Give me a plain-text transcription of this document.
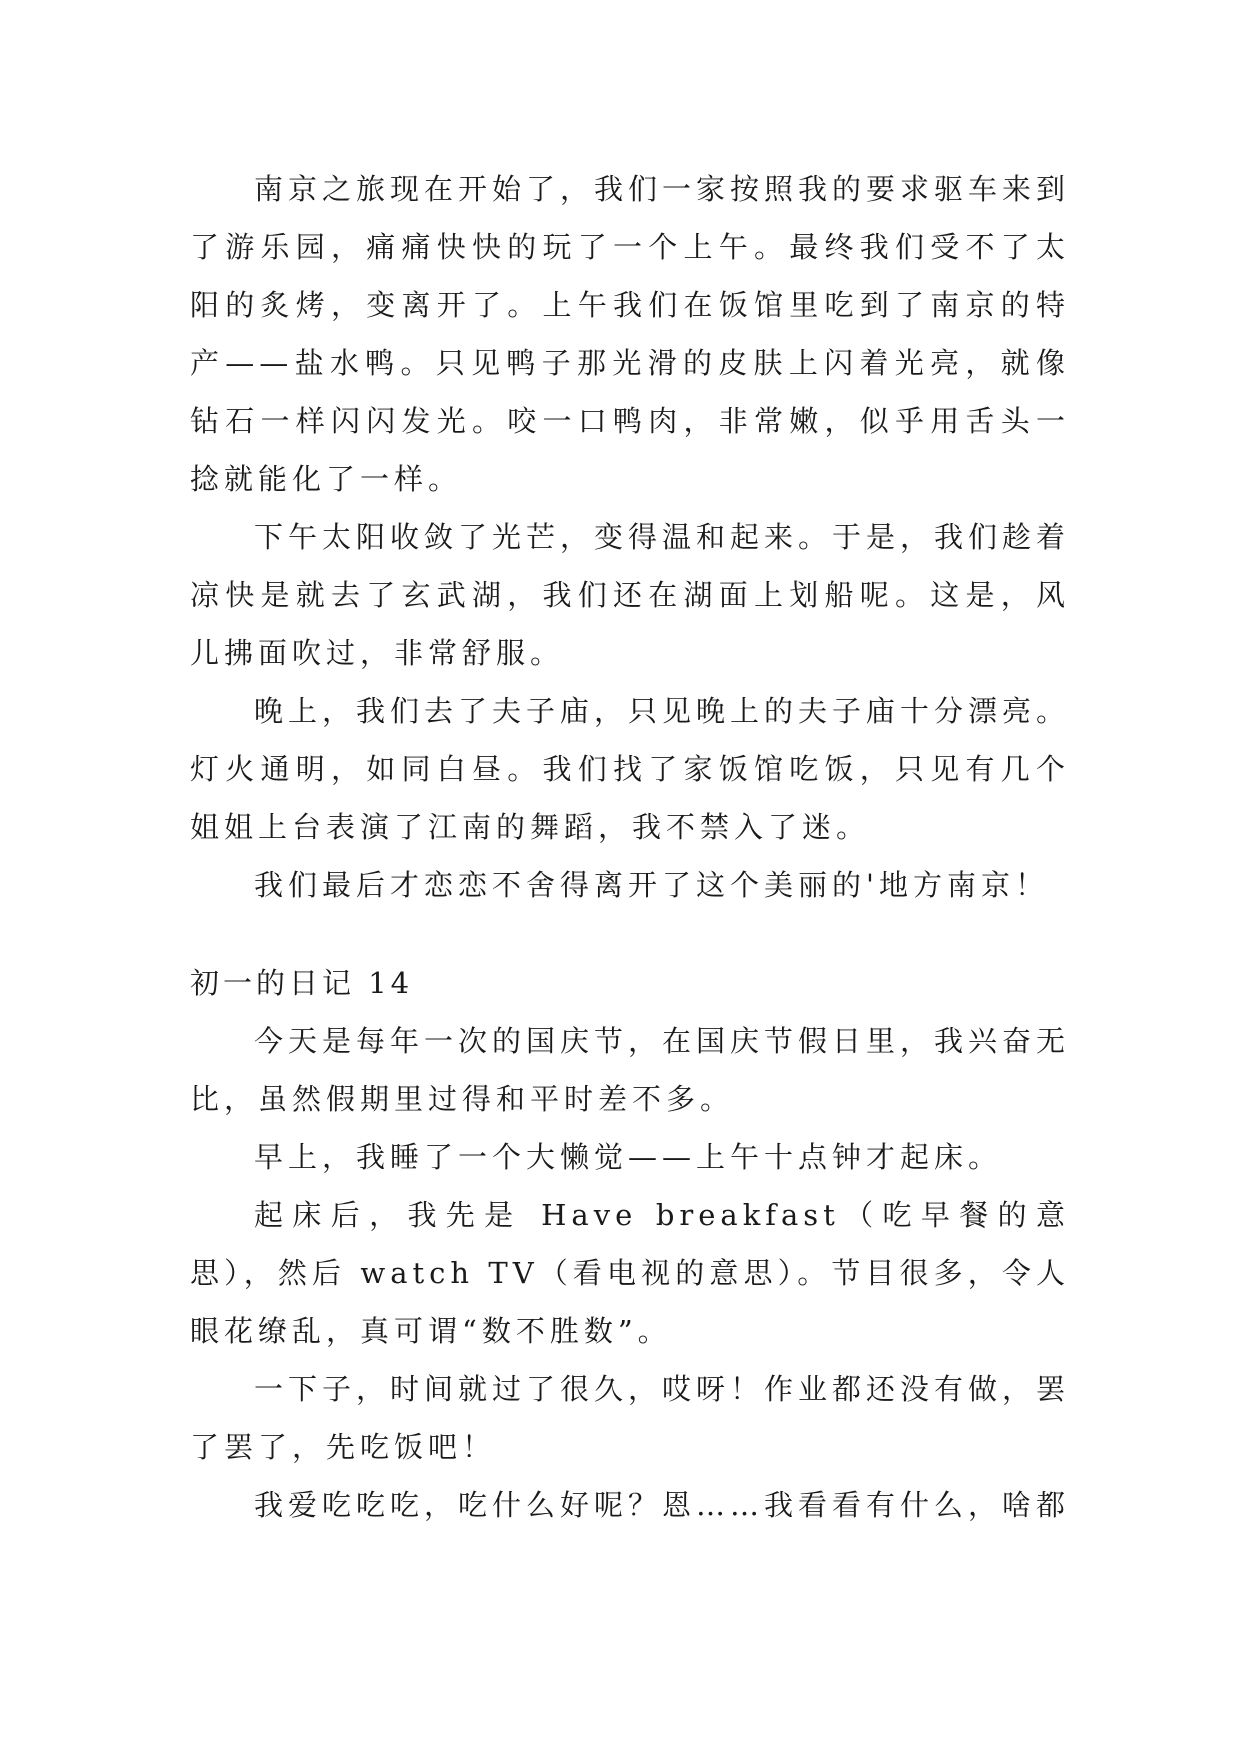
南京之旅现在开始了，我们一家按照我的要求驱车来到了游乐园，痛痛快快的玩了一个上午。最终我们受不了太阳的炙烤，变离开了。上午我们在饭馆里吃到了南京的特产——盐水鸭。只见鸭子那光滑的皮肤上闪着光亮，就像钻石一样闪闪发光。咬一口鸭肉，非常嫩，似乎用舌头一捻就能化了一样。

下午太阳收敛了光芒，变得温和起来。于是，我们趁着凉快是就去了玄武湖，我们还在湖面上划船呢。这是，风儿拂面吹过，非常舒服。

晚上，我们去了夫子庙，只见晚上的夫子庙十分漂亮。灯火通明，如同白昼。我们找了家饭馆吃饭，只见有几个姐姐上台表演了江南的舞蹈，我不禁入了迷。

我们最后才恋恋不舍得离开了这个美丽的'地方南京！

初一的日记 14

今天是每年一次的国庆节，在国庆节假日里，我兴奋无比，虽然假期里过得和平时差不多。

早上，我睡了一个大懒觉——上午十点钟才起床。

起床后，我先是 Have breakfast（吃早餐的意思），然后 watch TV（看电视的意思）。节目很多，令人眼花缭乱，真可谓“数不胜数”。

一下子，时间就过了很久，哎呀！作业都还没有做，罢了罢了，先吃饭吧！

我爱吃吃吃，吃什么好呢？恩……我看看有什么，啥都
